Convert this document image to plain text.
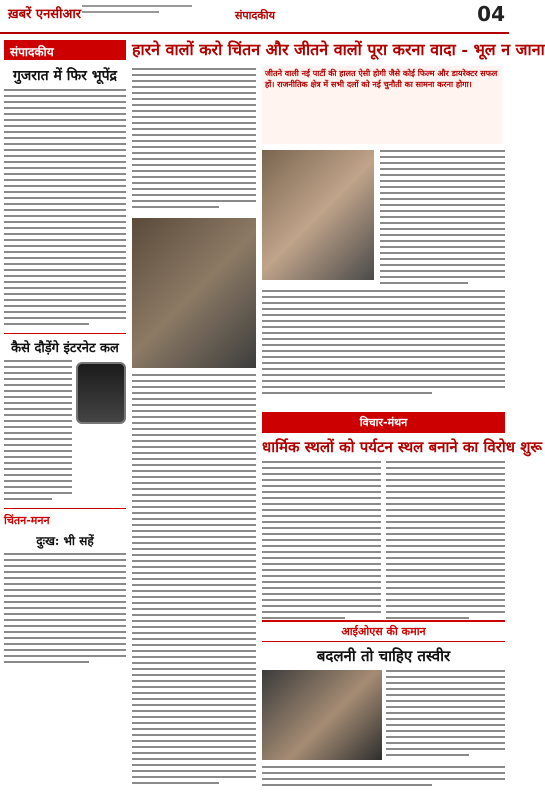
ख़बरें एनसीआर	संपादकीय	04
संपादकीय
गुजरात में फिर भूपेंद्र
कैसे दौड़ेंगे इंटरनेट कल
चिंतन-मनन
दुःख: भी सहें
हारने वालों करो चिंतन और जीतने वालों पूरा करना वादा - भूल न जाना
जीतने वाली नई पार्टी की हालत ऐसी होगी जैसे कोई फिल्म और डायरेक्टर सफल हों। राजनीतिक क्षेत्र में सभी दलों को नई चुनौती का सामना करना होगा।
विचार-मंथन
धार्मिक स्थलों को पर्यटन स्थल बनाने का विरोध शुरू
आईओएस की कमान
बदलनी तो चाहिए तस्वीर
